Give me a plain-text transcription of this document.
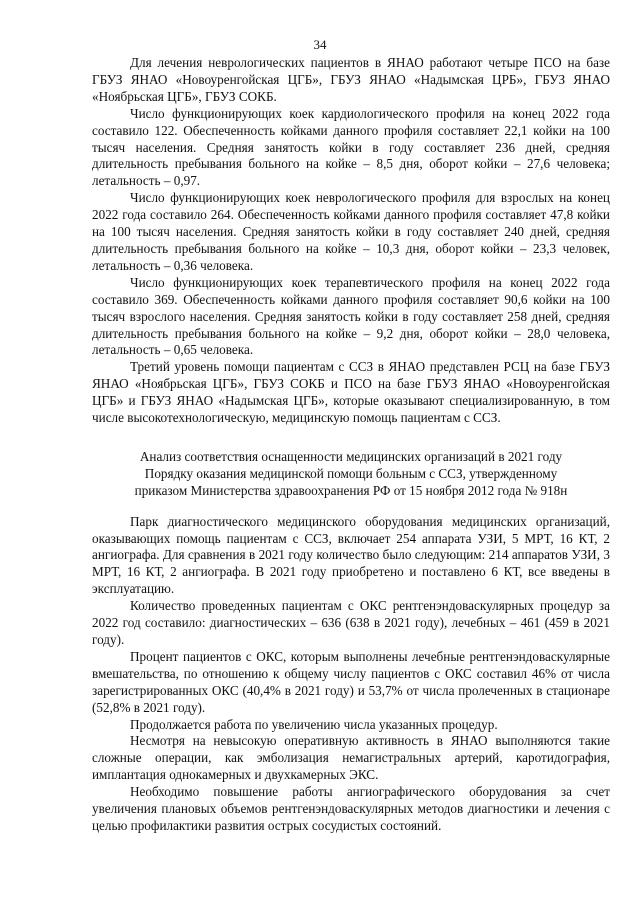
34

Для лечения неврологических пациентов в ЯНАО работают четыре ПСО на базе ГБУЗ ЯНАО «Новоуренгойская ЦГБ», ГБУЗ ЯНАО «Надымская ЦРБ», ГБУЗ ЯНАО «Ноябрьская ЦГБ», ГБУЗ СОКБ.

Число функционирующих коек кардиологического профиля на конец 2022 года составило 122. Обеспеченность койками данного профиля составляет 22,1 койки на 100 тысяч населения. Средняя занятость койки в году составляет 236 дней, средняя длительность пребывания больного на койке – 8,5 дня, оборот койки – 27,6 человека; летальность – 0,97.

Число функционирующих коек неврологического профиля для взрослых на конец 2022 года составило 264. Обеспеченность койками данного профиля составляет 47,8 койки на 100 тысяч населения. Средняя занятость койки в году составляет 240 дней, средняя длительность пребывания больного на койке – 10,3 дня, оборот койки – 23,3 человек, летальность – 0,36 человека.

Число функционирующих коек терапевтического профиля на конец 2022 года составило 369. Обеспеченность койками данного профиля составляет 90,6 койки на 100 тысяч взрослого населения. Средняя занятость койки в году составляет 258 дней, средняя длительность пребывания больного на койке – 9,2 дня, оборот койки – 28,0 человека, летальность – 0,65 человека.

Третий уровень помощи пациентам с ССЗ в ЯНАО представлен РСЦ на базе ГБУЗ ЯНАО «Ноябрьская ЦГБ», ГБУЗ СОКБ и ПСО на базе ГБУЗ ЯНАО «Новоуренгойская ЦГБ» и ГБУЗ ЯНАО «Надымская ЦГБ», которые оказывают специализированную, в том числе высокотехнологическую, медицинскую помощь пациентам с ССЗ.

Анализ соответствия оснащенности медицинских организаций в 2021 году
Порядку оказания медицинской помощи больным с ССЗ, утвержденному
приказом Министерства здравоохранения РФ от 15 ноября 2012 года № 918н

Парк диагностического медицинского оборудования медицинских организаций, оказывающих помощь пациентам с ССЗ, включает 254 аппарата УЗИ, 5 МРТ, 16 КТ, 2 ангиографа. Для сравнения в 2021 году количество было следующим: 214 аппаратов УЗИ, 3 МРТ, 16 КТ, 2 ангиографа. В 2021 году приобретено и поставлено 6 КТ, все введены в эксплуатацию.

Количество проведенных пациентам с ОКС рентгенэндоваскулярных процедур за 2022 год составило: диагностических – 636 (638 в 2021 году), лечебных – 461 (459 в 2021 году).

Процент пациентов с ОКС, которым выполнены лечебные рентгенэндоваскулярные вмешательства, по отношению к общему числу пациентов с ОКС составил 46% от числа зарегистрированных ОКС (40,4% в 2021 году) и 53,7% от числа пролеченных в стационаре (52,8% в 2021 году).

Продолжается работа по увеличению числа указанных процедур.

Несмотря на невысокую оперативную активность в ЯНАО выполняются такие сложные операции, как эмболизация немагистральных артерий, каротидография, имплантация однокамерных и двухкамерных ЭКС.

Необходимо повышение работы ангиографического оборудования за счет увеличения плановых объемов рентгенэндоваскулярных методов диагностики и лечения с целью профилактики развития острых сосудистых состояний.
